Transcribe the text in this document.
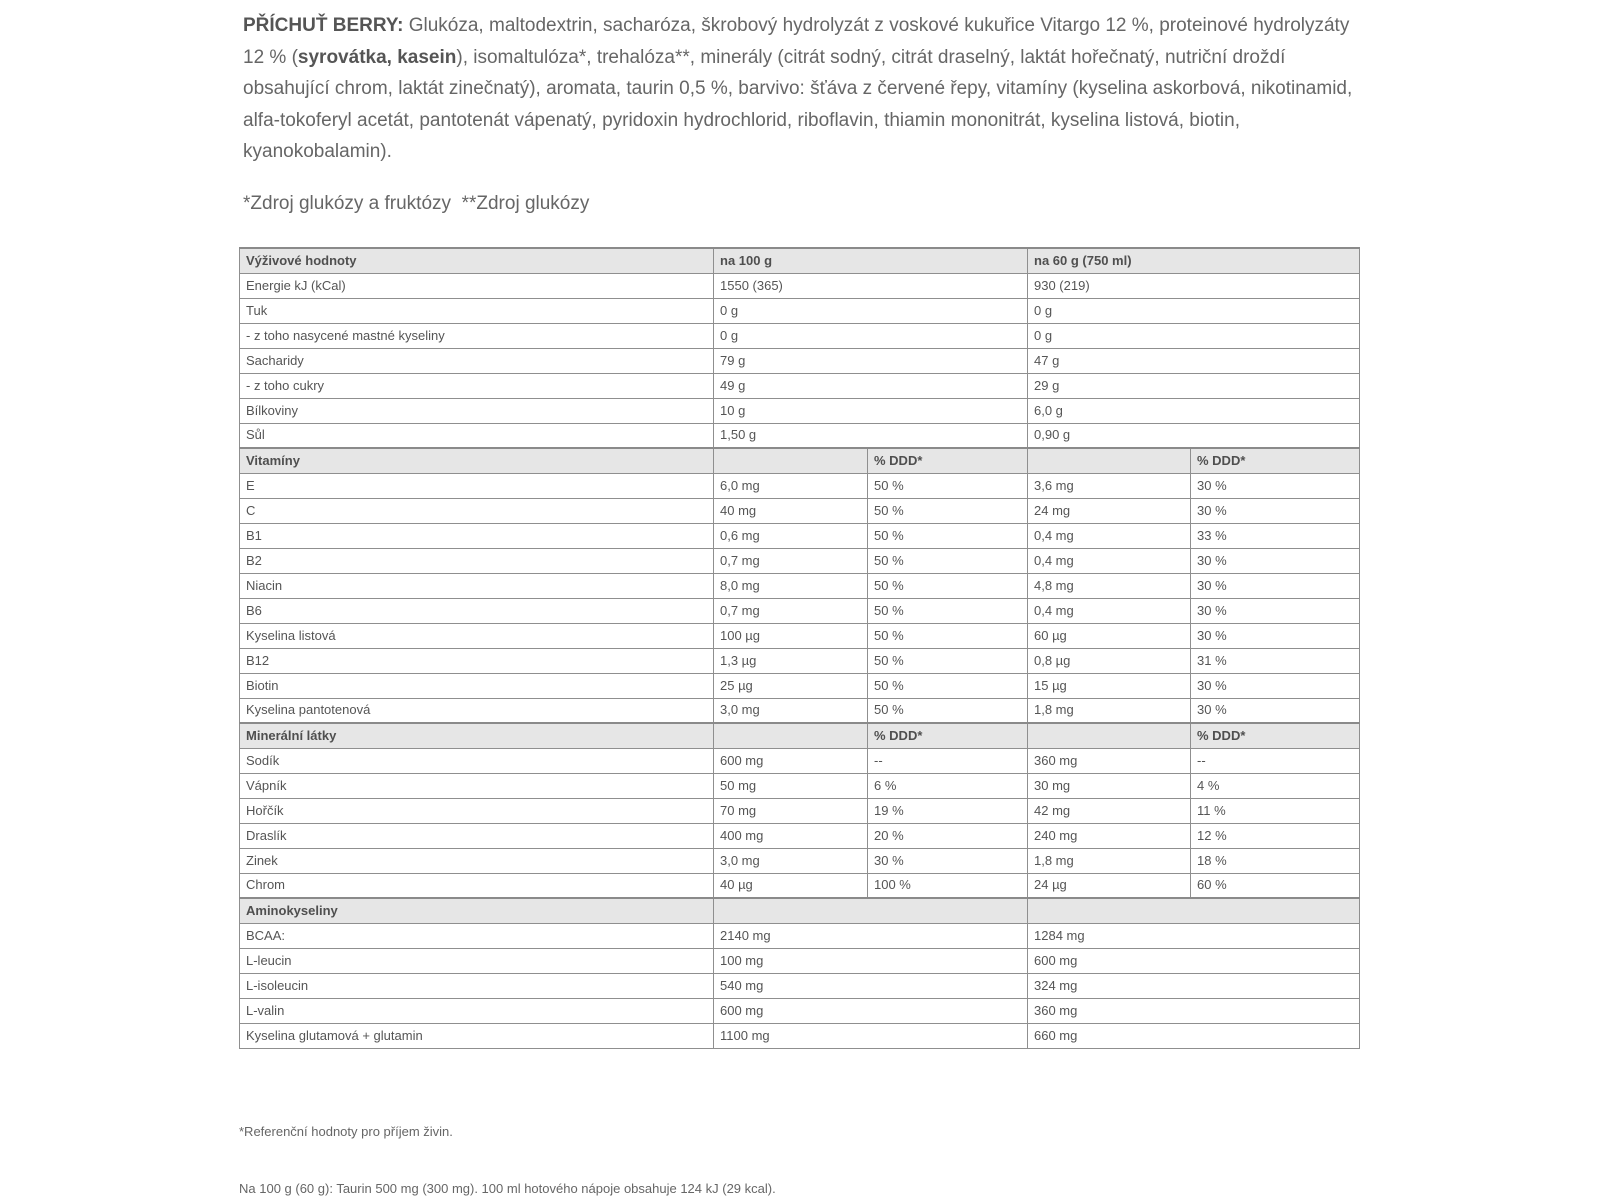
PŘÍCHUŤ BERRY: Glukóza, maltodextrin, sacharóza, škrobový hydrolyzát z voskové kukuřice Vitargo 12 %, proteinové hydrolyzáty 12 % (syrovátka, kasein), isomaltulóza*, trehalóza**, minerály (citrát sodný, citrát draselný, laktát hořečnatý, nutriční droždí obsahující chrom, laktát zinečnatý), aromata, taurin 0,5 %, barvivo: šťáva z červené řepy, vitamíny (kyselina askorbová, nikotinamid, alfa-tokoferyl acetát, pantotenát vápenatý, pyridoxin hydrochlorid, riboflavin, thiamin mononitrát, kyselina listová, biotin, kyanokobalamin).
*Zdroj glukózy a fruktózy  **Zdroj glukózy
Výživové hodnoty	na 100 g		na 60 g (750 ml)	
Energie kJ (kCal)	1550 (365)		930 (219)	
Tuk	0 g		0 g	
- z toho nasycené mastné kyseliny	0 g		0 g	
Sacharidy	79 g		47 g	
- z toho cukry	49 g		29 g	
Bílkoviny	10 g		6,0 g	
Sůl	1,50 g		0,90 g	
Vitamíny		% DDD*		% DDD*
E	6,0 mg	50 %	3,6 mg	30 %
C	40 mg	50 %	24 mg	30 %
B1	0,6 mg	50 %	0,4 mg	33 %
B2	0,7 mg	50 %	0,4 mg	30 %
Niacin	8,0 mg	50 %	4,8 mg	30 %
B6	0,7 mg	50 %	0,4 mg	30 %
Kyselina listová	100 µg	50 %	60 µg	30 %
B12	1,3 µg	50 %	0,8 µg	31 %
Biotin	25 µg	50 %	15 µg	30 %
Kyselina pantotenová	3,0 mg	50 %	1,8 mg	30 %
Minerální látky		% DDD*		% DDD*
Sodík	600 mg	--	360 mg	--
Vápník	50 mg	6 %	30 mg	4 %
Hořčík	70 mg	19 %	42 mg	11 %
Draslík	400 mg	20 %	240 mg	12 %
Zinek	3,0 mg	30 %	1,8 mg	18 %
Chrom	40 µg	100 %	24 µg	60 %
Aminokyseliny				
BCAA:	2140 mg		1284 mg	
L-leucin	100 mg		600 mg	
L-isoleucin	540 mg		324 mg	
L-valin	600 mg		360 mg	
Kyselina glutamová + glutamin	1100 mg		660 mg	
*Referenční hodnoty pro příjem živin.
Na 100 g (60 g): Taurin 500 mg (300 mg). 100 ml hotového nápoje obsahuje 124 kJ (29 kcal).
